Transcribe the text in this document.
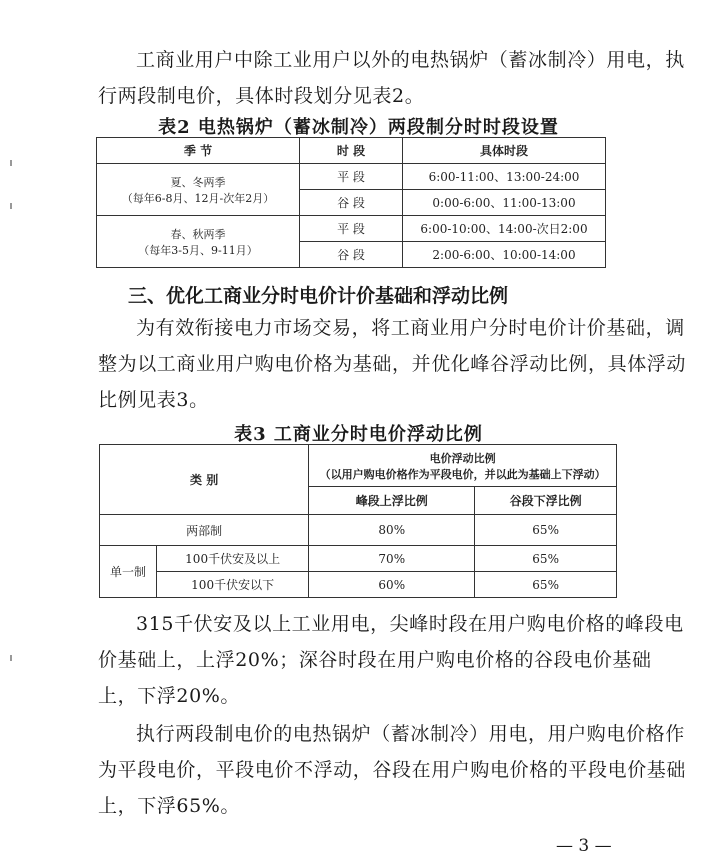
工商业用户中除工业用户以外的电热锅炉（蓄冰制冷）用电，执行两段制电价，具体时段划分见表2。

表2 电热锅炉（蓄冰制冷）两段制分时时段设置

季 节	时 段	具体时段

夏、冬两季
（每年6-8月、12月-次年2月）	平 段	6:00-11:00、13:00-24:00
	谷 段	0:00-6:00、11:00-13:00

春、秋两季
（每年3-5月、9-11月）	平 段	6:00-10:00、14:00-次日2:00
	谷 段	2:00-6:00、10:00-14:00

三、优化工商业分时电价计价基础和浮动比例

为有效衔接电力市场交易，将工商业用户分时电价计价基础，调整为以工商业用户购电价格为基础，并优化峰谷浮动比例，具体浮动比例见表3。

表3 工商业分时电价浮动比例

类 别		电价浮动比例
（以用户购电价格作为平段电价，并以此为基础上下浮动）	

		峰段上浮比例	谷段下浮比例
两部制		80%	65%
单一制	100千伏安及以上	70%	65%
	100千伏安以下	60%	65%

315千伏安及以上工业用电，尖峰时段在用户购电价格的峰段电价基础上，上浮20%；深谷时段在用户购电价格的谷段电价基础上，下浮20%。

执行两段制电价的电热锅炉（蓄冰制冷）用电，用户购电价格作为平段电价，平段电价不浮动，谷段在用户购电价格的平段电价基础上，下浮65%。

— 3 —
